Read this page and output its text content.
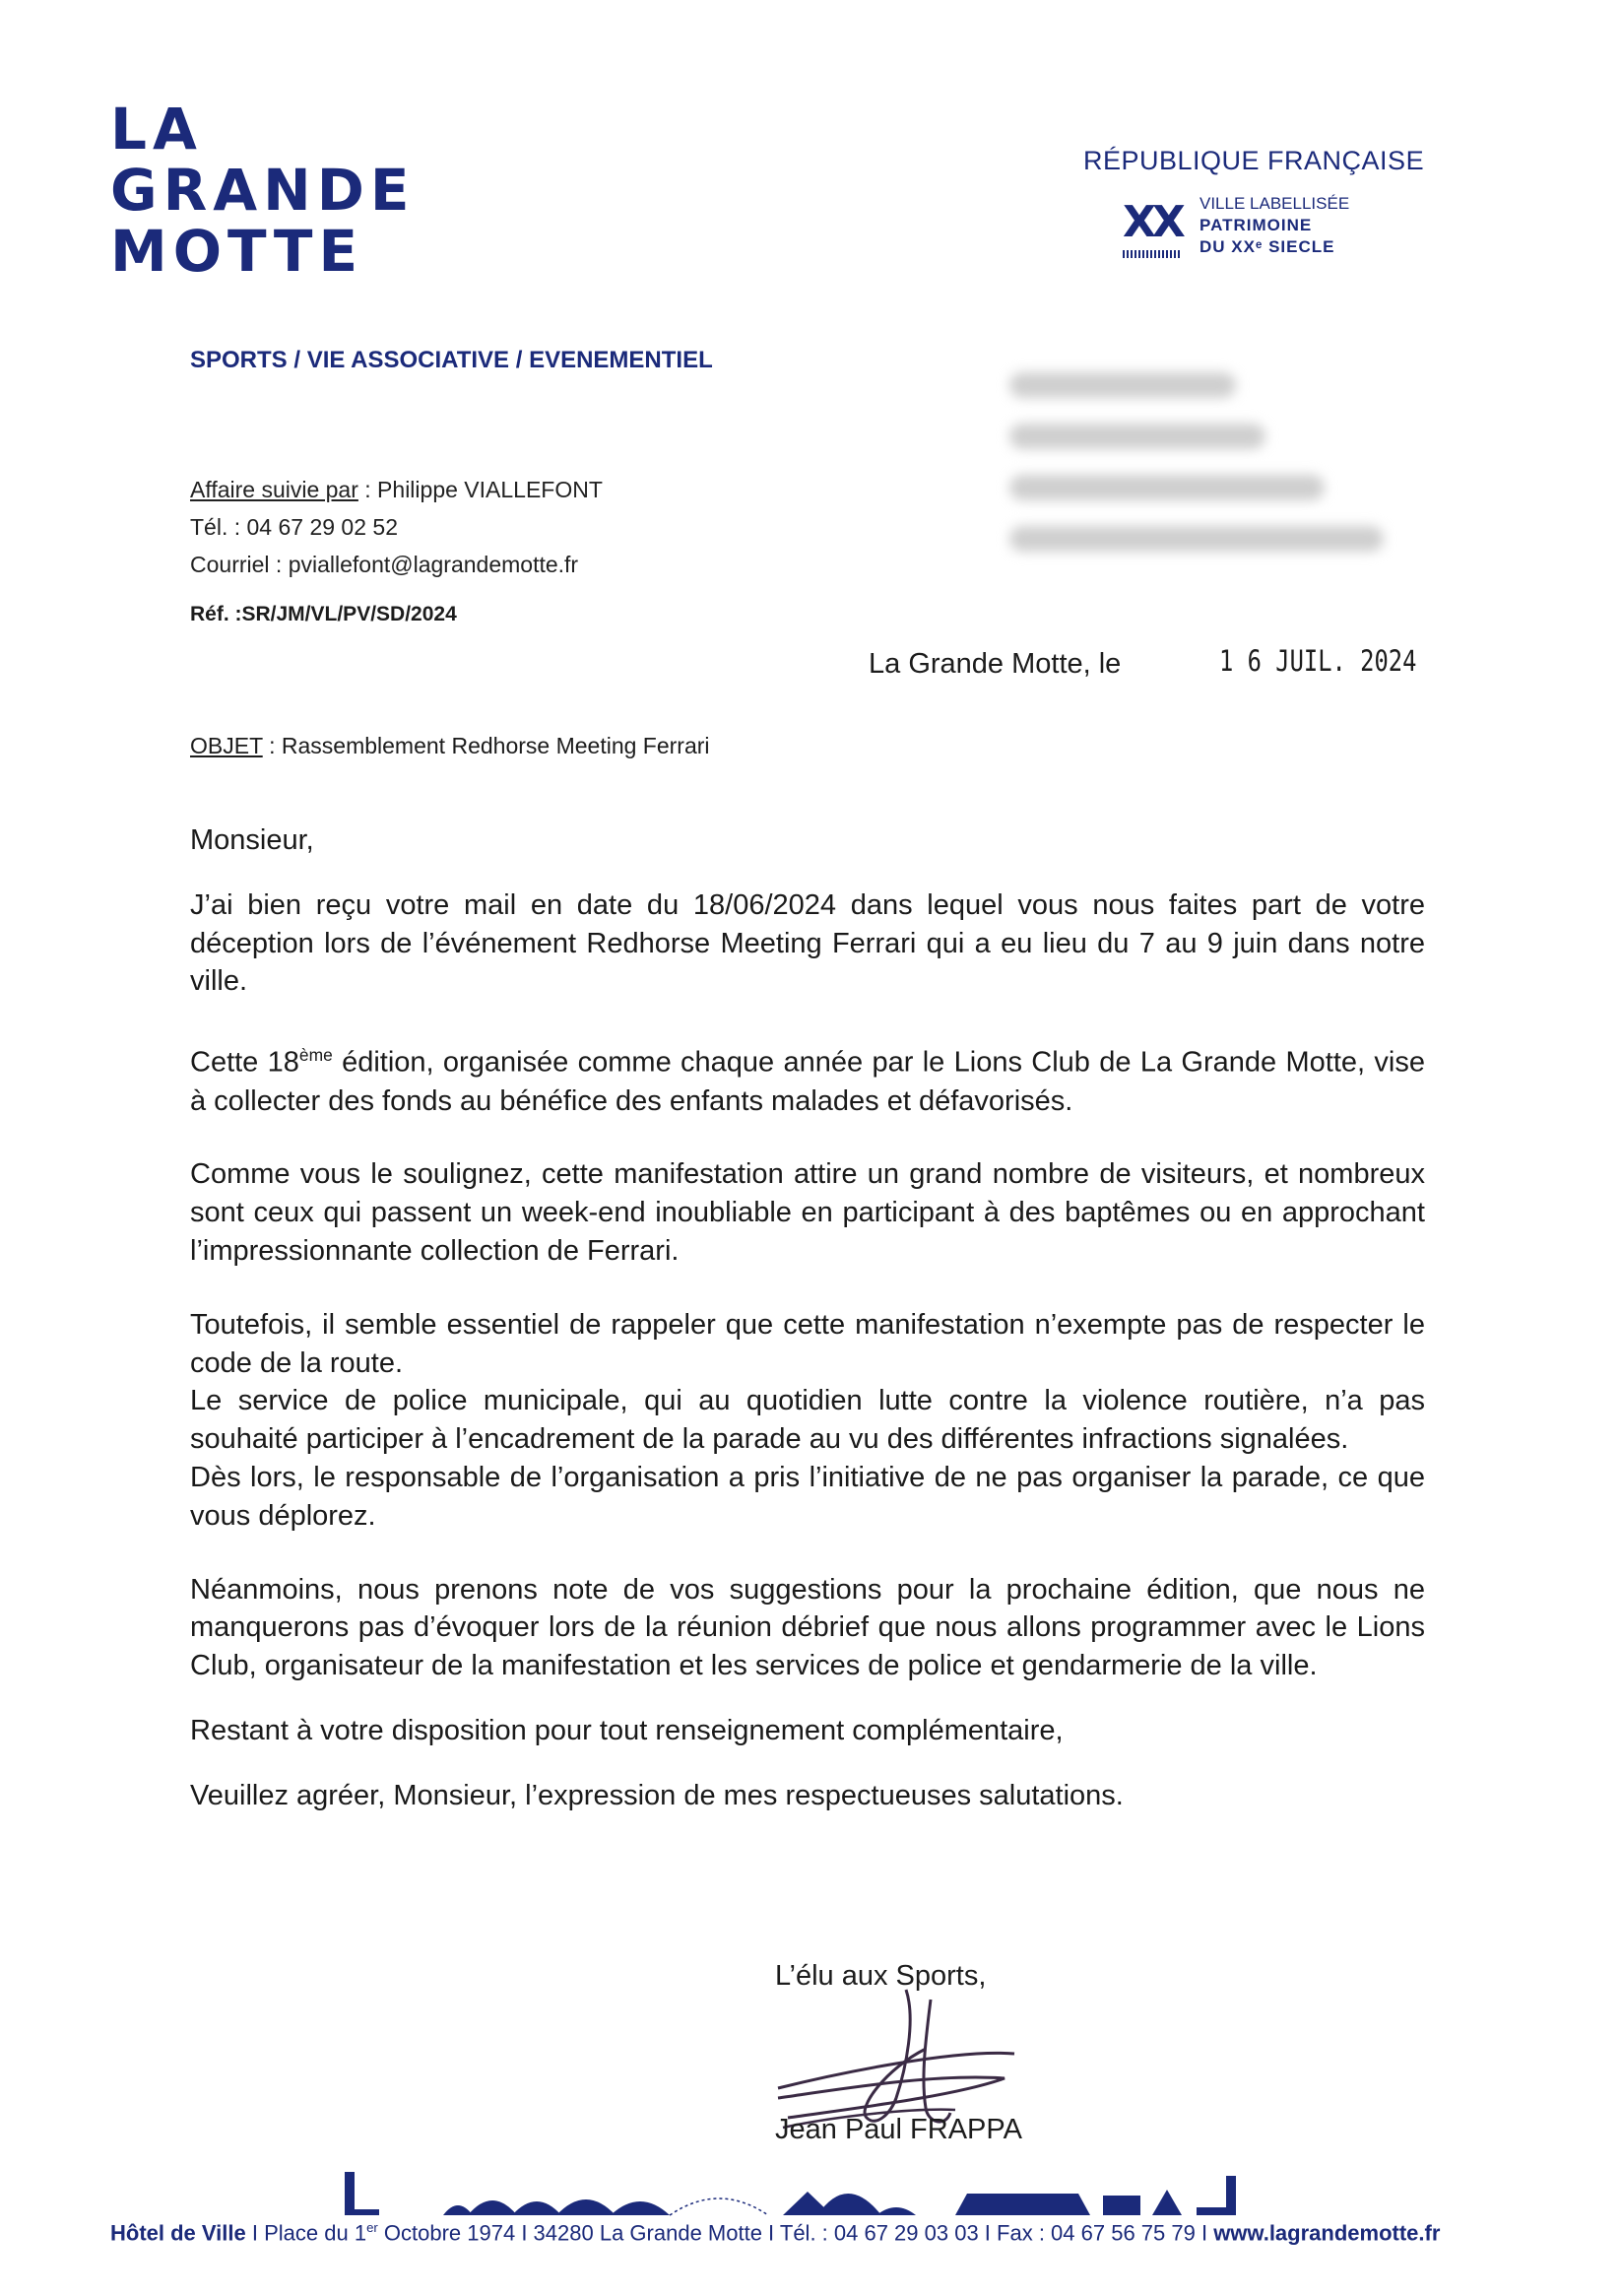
LA
GRANDE
MOTTE
RÉPUBLIQUE FRANÇAISE
XX VILLE LABELLISÉE
PATRIMOINE
DU XXᵉ SIECLE
SPORTS / VIE ASSOCIATIVE / EVENEMENTIEL
Affaire suivie par : Philippe VIALLEFONT
Tél. : 04 67 29 02 52
Courriel : pviallefont@lagrandemotte.fr
Réf. :SR/JM/VL/PV/SD/2024
La Grande Motte, le	1 6 JUIL. 2024
OBJET : Rassemblement Redhorse Meeting Ferrari

Monsieur,

J’ai bien reçu votre mail en date du 18/06/2024 dans lequel vous nous faites part de votre déception lors de l’événement Redhorse Meeting Ferrari qui a eu lieu du 7 au 9 juin dans notre ville.

Cette 18ème édition, organisée comme chaque année par le Lions Club de La Grande Motte, vise à collecter des fonds au bénéfice des enfants malades et défavorisés.

Comme vous le soulignez, cette manifestation attire un grand nombre de visiteurs, et nombreux sont ceux qui passent un week-end inoubliable en participant à des baptêmes ou en approchant l’impressionnante collection de Ferrari.

Toutefois, il semble essentiel de rappeler que cette manifestation n’exempte pas de respecter le code de la route.

Le service de police municipale, qui au quotidien lutte contre la violence routière, n’a pas souhaité participer à l’encadrement de la parade au vu des différentes infractions signalées.

Dès lors, le responsable de l’organisation a pris l’initiative de ne pas organiser la parade, ce que vous déplorez.

Néanmoins, nous prenons note de vos suggestions pour la prochaine édition, que nous ne manquerons pas d’évoquer lors de la réunion débrief que nous allons programmer avec le Lions Club, organisateur de la manifestation et les services de police et gendarmerie de la ville.

Restant à votre disposition pour tout renseignement complémentaire,

Veuillez agréer, Monsieur, l’expression de mes respectueuses salutations.

L’élu aux Sports,
Jean Paul FRAPPA
Hôtel de Ville I Place du 1er Octobre 1974 I 34280 La Grande Motte I Tél. : 04 67 29 03 03 I Fax : 04 67 56 75 79 I www.lagrandemotte.fr
